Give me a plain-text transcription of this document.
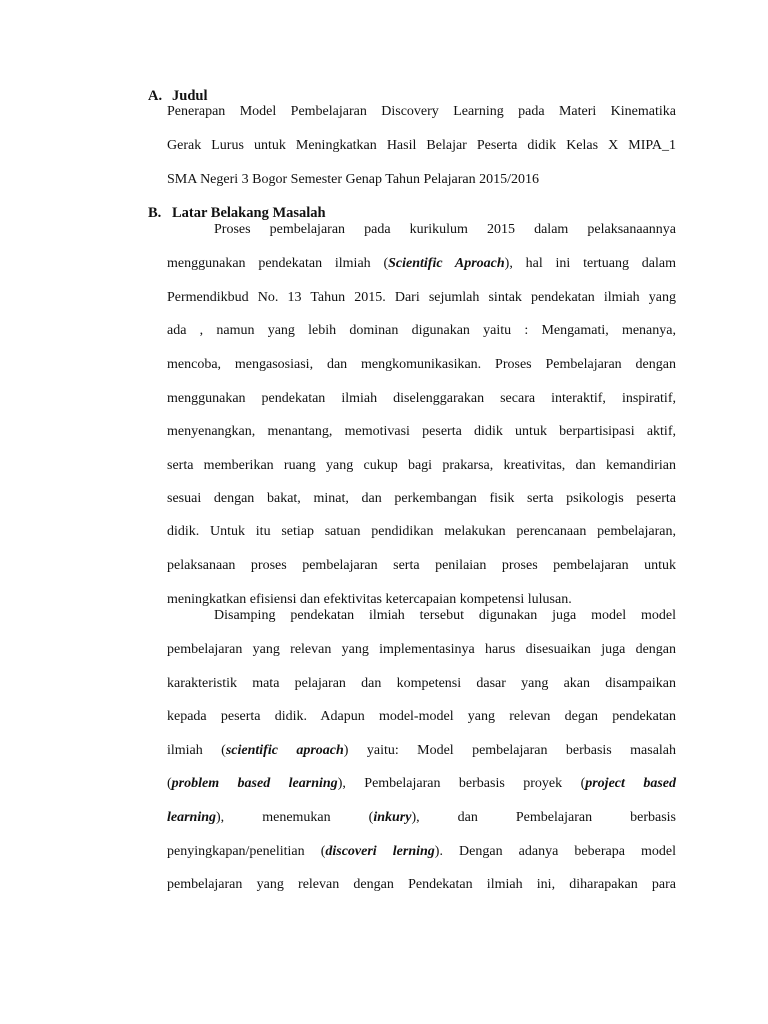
A. Judul
Penerapan Model Pembelajaran Discovery Learning pada Materi Kinematika
Gerak Lurus untuk Meningkatkan Hasil Belajar Peserta didik Kelas X MIPA_1
SMA Negeri 3 Bogor Semester Genap Tahun Pelajaran 2015/2016
B. Latar Belakang Masalah
Proses pembelajaran pada kurikulum 2015 dalam pelaksanaannya
menggunakan pendekatan ilmiah (Scientific Aproach), hal ini tertuang dalam
Permendikbud No. 13 Tahun 2015. Dari sejumlah sintak pendekatan ilmiah yang
ada , namun yang lebih dominan digunakan yaitu : Mengamati, menanya,
mencoba, mengasosiasi, dan mengkomunikasikan. Proses Pembelajaran dengan
menggunakan pendekatan ilmiah diselenggarakan secara interaktif, inspiratif,
menyenangkan, menantang, memotivasi peserta didik untuk berpartisipasi aktif,
serta memberikan ruang yang cukup bagi prakarsa, kreativitas, dan kemandirian
sesuai dengan bakat, minat, dan perkembangan fisik serta psikologis peserta
didik. Untuk itu setiap satuan pendidikan melakukan perencanaan pembelajaran,
pelaksanaan proses pembelajaran serta penilaian proses pembelajaran untuk
meningkatkan efisiensi dan efektivitas ketercapaian kompetensi lulusan.
Disamping pendekatan ilmiah tersebut digunakan juga model model
pembelajaran yang relevan yang implementasinya harus disesuaikan juga dengan
karakteristik mata pelajaran dan kompetensi dasar yang akan disampaikan
kepada peserta didik. Adapun model-model yang relevan degan pendekatan
ilmiah (scientific aproach) yaitu: Model pembelajaran berbasis masalah
(problem based learning), Pembelajaran berbasis proyek (project based
learning), menemukan (inkury), dan Pembelajaran berbasis
penyingkapan/penelitian (discoveri lerning). Dengan adanya beberapa model
pembelajaran yang relevan dengan Pendekatan ilmiah ini, diharapakan para
